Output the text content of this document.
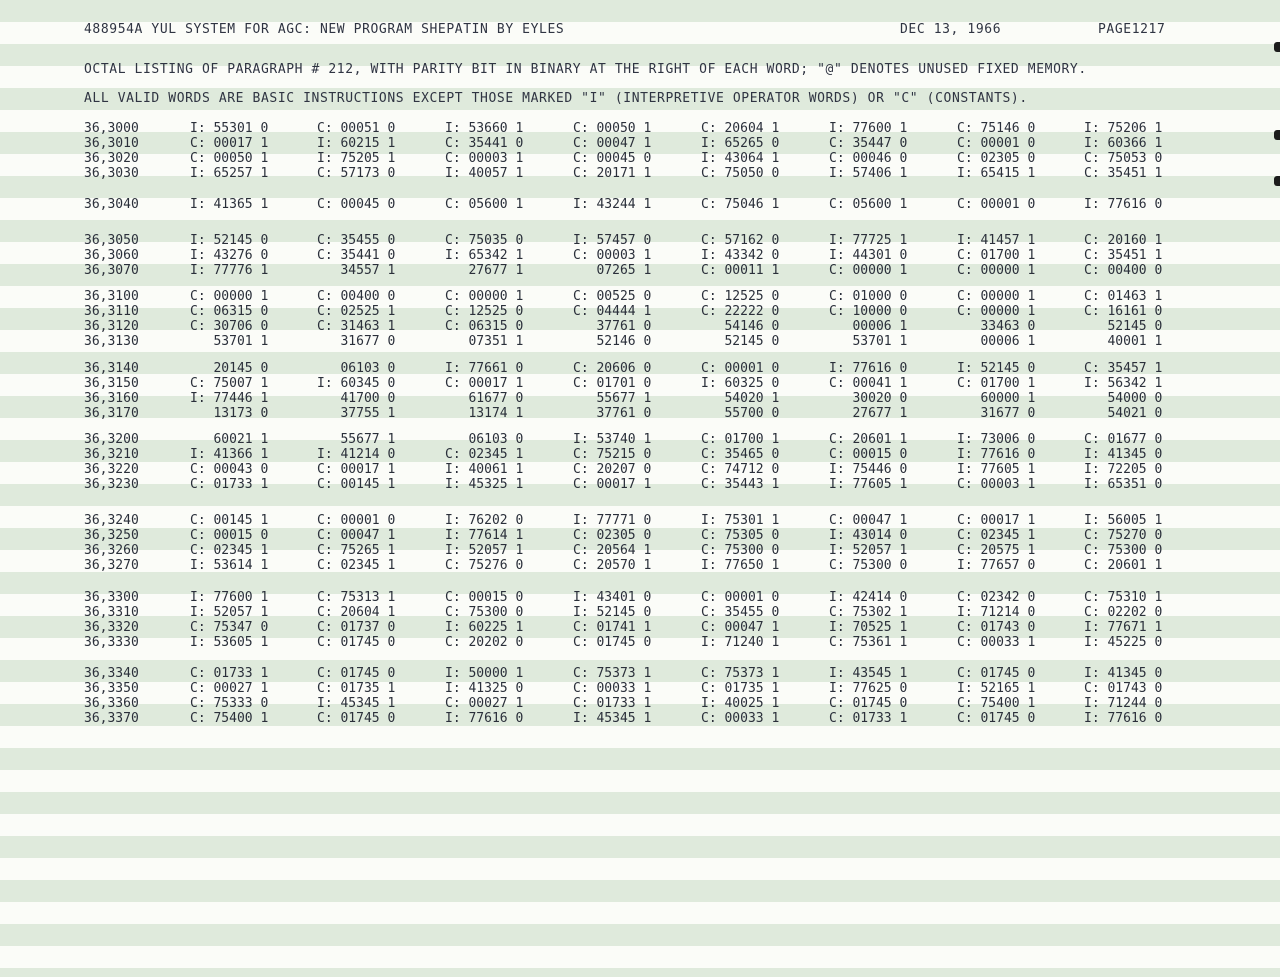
488954A YUL SYSTEM FOR AGC: NEW PROGRAM SHEPATIN BY EYLES	DEC 13, 1966	PAGE1217
OCTAL LISTING OF PARAGRAPH # 212, WITH PARITY BIT IN BINARY AT THE RIGHT OF EACH WORD; "@" DENOTES UNUSED FIXED MEMORY.
ALL VALID WORDS ARE BASIC INSTRUCTIONS EXCEPT THOSE MARKED "I" (INTERPRETIVE OPERATOR WORDS) OR "C" (CONSTANTS).
36,3000	I: 55301 0	C: 00051 0	I: 53660 1	C: 00050 1	C: 20604 1	I: 77600 1	C: 75146 0	I: 75206 1
36,3010	C: 00017 1	I: 60215 1	C: 35441 0	C: 00047 1	I: 65265 0	C: 35447 0	C: 00001 0	I: 60366 1
36,3020	C: 00050 1	I: 75205 1	C: 00003 1	C: 00045 0	I: 43064 1	C: 00046 0	C: 02305 0	C: 75053 0
36,3030	I: 65257 1	C: 57173 0	I: 40057 1	C: 20171 1	C: 75050 0	I: 57406 1	I: 65415 1	C: 35451 1
36,3040	I: 41365 1	C: 00045 0	C: 05600 1	I: 43244 1	C: 75046 1	C: 05600 1	C: 00001 0	I: 77616 0
36,3050	I: 52145 0	C: 35455 0	C: 75035 0	I: 57457 0	C: 57162 0	I: 77725 1	I: 41457 1	C: 20160 1
36,3060	I: 43276 0	C: 35441 0	I: 65342 1	C: 00003 1	I: 43342 0	I: 44301 0	C: 01700 1	C: 35451 1
36,3070	I: 77776 1	34557 1	27677 1	07265 1	C: 00011 1	C: 00000 1	C: 00000 1	C: 00400 0
36,3100	C: 00000 1	C: 00400 0	C: 00000 1	C: 00525 0	C: 12525 0	C: 01000 0	C: 00000 1	C: 01463 1
36,3110	C: 06315 0	C: 02525 1	C: 12525 0	C: 04444 1	C: 22222 0	C: 10000 0	C: 00000 1	C: 16161 0
36,3120	C: 30706 0	C: 31463 1	C: 06315 0	37761 0	54146 0	00006 1	33463 0	52145 0
36,3130	53701 1	31677 0	07351 1	52146 0	52145 0	53701 1	00006 1	40001 1
36,3140	20145 0	06103 0	I: 77661 0	C: 20606 0	C: 00001 0	I: 77616 0	I: 52145 0	C: 35457 1
36,3150	C: 75007 1	I: 60345 0	C: 00017 1	C: 01701 0	I: 60325 0	C: 00041 1	C: 01700 1	I: 56342 1
36,3160	I: 77446 1	41700 0	61677 0	55677 1	54020 1	30020 0	60000 1	54000 0
36,3170	13173 0	37755 1	13174 1	37761 0	55700 0	27677 1	31677 0	54021 0
36,3200	60021 1	55677 1	06103 0	I: 53740 1	C: 01700 1	C: 20601 1	I: 73006 0	C: 01677 0
36,3210	I: 41366 1	I: 41214 0	C: 02345 1	C: 75215 0	C: 35465 0	C: 00015 0	I: 77616 0	I: 41345 0
36,3220	C: 00043 0	C: 00017 1	I: 40061 1	C: 20207 0	C: 74712 0	I: 75446 0	I: 77605 1	I: 72205 0
36,3230	C: 01733 1	C: 00145 1	I: 45325 1	C: 00017 1	C: 35443 1	I: 77605 1	C: 00003 1	I: 65351 0
36,3240	C: 00145 1	C: 00001 0	I: 76202 0	I: 77771 0	I: 75301 1	C: 00047 1	C: 00017 1	I: 56005 1
36,3250	C: 00015 0	C: 00047 1	I: 77614 1	C: 02305 0	C: 75305 0	I: 43014 0	C: 02345 1	C: 75270 0
36,3260	C: 02345 1	C: 75265 1	I: 52057 1	C: 20564 1	C: 75300 0	I: 52057 1	C: 20575 1	C: 75300 0
36,3270	I: 53614 1	C: 02345 1	C: 75276 0	C: 20570 1	I: 77650 1	C: 75300 0	I: 77657 0	C: 20601 1
36,3300	I: 77600 1	C: 75313 1	C: 00015 0	I: 43401 0	C: 00001 0	I: 42414 0	C: 02342 0	C: 75310 1
36,3310	I: 52057 1	C: 20604 1	C: 75300 0	I: 52145 0	C: 35455 0	C: 75302 1	I: 71214 0	C: 02202 0
36,3320	C: 75347 0	C: 01737 0	I: 60225 1	C: 01741 1	C: 00047 1	I: 70525 1	C: 01743 0	I: 77671 1
36,3330	I: 53605 1	C: 01745 0	C: 20202 0	C: 01745 0	I: 71240 1	C: 75361 1	C: 00033 1	I: 45225 0
36,3340	C: 01733 1	C: 01745 0	I: 50000 1	C: 75373 1	C: 75373 1	I: 43545 1	C: 01745 0	I: 41345 0
36,3350	C: 00027 1	C: 01735 1	I: 41325 0	C: 00033 1	C: 01735 1	I: 77625 0	I: 52165 1	C: 01743 0
36,3360	C: 75333 0	I: 45345 1	C: 00027 1	C: 01733 1	I: 40025 1	C: 01745 0	C: 75400 1	I: 71244 0
36,3370	C: 75400 1	C: 01745 0	I: 77616 0	I: 45345 1	C: 00033 1	C: 01733 1	C: 01745 0	I: 77616 0
